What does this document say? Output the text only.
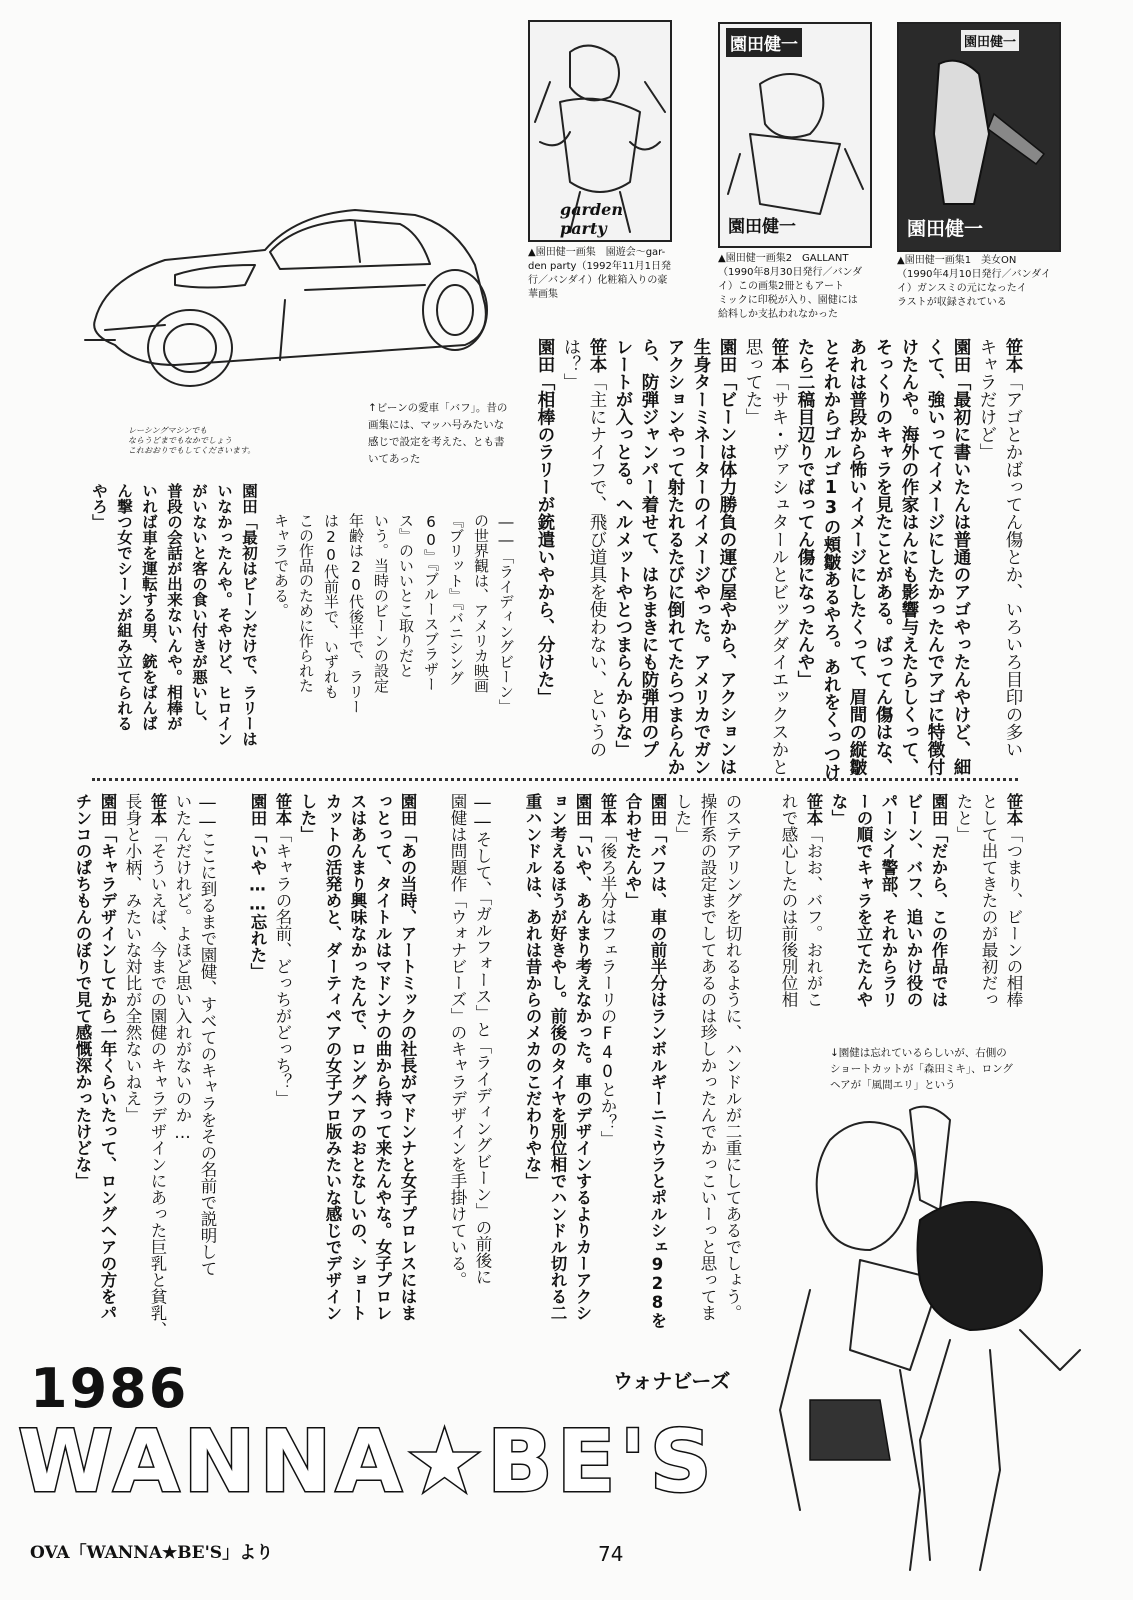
garden party
園田健一
園田健一
園田健一
園田健一
▲園田健一画集　園遊会〜gar-
den party（1992年11月1日発
行／バンダイ）化粧箱入りの豪
華画集
▲園田健一画集2　GALLANT
（1990年8月30日発行／バンダ
イ）この画集2冊ともアート
ミックに印税が入り、園健には
給料しか支払われなかった
▲園田健一画集1　美女ON
（1990年4月10日発行／バンダイ
イ）ガンスミの元になったイ
ラストが収録されている
レーシングマシンでも
ならうどまでもなかでしょう
これおおりでもしてくださいます。
↑ビーンの愛車「バフ」。昔の
画集には、マッハ号みたいな
感じで設定を考えた、とも書
いてあった
笹本「アゴとかばってん傷とか、いろいろ目印の多い
キャラだけど」
園田「最初に書いたんは普通のアゴやったんやけど、細
くて、強いってイメージにしたかったんでアゴに特徴付
けたんや。海外の作家はんにも影響与えたらしくって、
そっくりのキャラを見たことがある。ばってん傷はな、
あれは普段から怖いイメージにしたくって、眉間の縦皺
とそれからゴルゴ13の頬皺あるやろ。あれをくっつけ
たら二稿目辺りでばってん傷になったんや」
笹本「サキ・ヴァシュタールとビッグダイエックスかと
思ってた」
園田「ビーンは体力勝負の運び屋やから、アクションは
生身ターミネーターのイメージやった。アメリカでガン
アクションやって射たれるたびに倒れてたらつまらんか
ら、防弾ジャンパー着せて、はちまきにも防弾用のプ
レートが入っとる。ヘルメットやとつまらんからな」
笹本「主にナイフで、飛び道具を使わない、というの
は？」
園田「相棒のラリーが銃遣いやから、分けた」
――「ライディングビーン」
の世界観は、アメリカ映画
『ブリット』『バニシング
60』『ブルースブラザー
ス』のいいとこ取りだと
いう。当時のビーンの設定
年齢は20代後半で、ラリー
は20代前半で、いずれも
この作品のために作られた
キャラである。
園田「最初はビーンだけで、ラリーは
いなかったんや。そやけど、ヒロイン
がいないと客の食い付きが悪いし、
普段の会話が出来ないんや。相棒が
いれば車を運転する男、銃をばんば
ん撃つ女でシーンが組み立てられる
やろ」
笹本「つまり、ビーンの相棒
として出てきたのが最初だっ
たと」
園田「だから、この作品では
ビーン、バフ、追いかけ役の
パーシイ警部、それからラリ
ーの順でキャラを立てたんや
な」
笹本「おお、バフ。おれがこ
れで感心したのは前後別位相
のステアリングを切れるように、ハンドルが二重にしてあるでしょう。
操作系の設定までしてあるのは珍しかったんでかっこいーっと思ってま
した」
園田「バフは、車の前半分はランボルギーニミウラとポルシェ928を
合わせたんや」
笹本「後ろ半分はフェラーリのF40とか？」
園田「いや、あんまり考えなかった。車のデザインするよりカーアクシ
ョン考えるほうが好きやし。前後のタイヤを別位相でハンドル切れる二
重ハンドルは、あれは昔からのメカのこだわりやな」

――そして、「ガルフォース」と「ライディングビーン」の前後に
園健は問題作「ウォナビーズ」のキャラデザインを手掛けている。

園田「あの当時、アートミックの社長がマドンナと女子プロレスにはま
っとって、タイトルはマドンナの曲から持って来たんやな。女子プロレ
スはあんまり興味なかったんで、ロングヘアのおとなしいの、ショート
カットの活発めと、ダーティペアの女子プロ版みたいな感じでデザイン
した」
笹本「キャラの名前、どっちがどっち？」
園田「いや……忘れた」

――ここに到るまで園健、すべてのキャラをその名前で説明して
いたんだけれど。よほど思い入れがないのか…
笹本「そういえば、今までの園健のキャラデザインにあった巨乳と貧乳、
長身と小柄、みたいな対比が全然ないねえ」
園田「キャラデザインしてから一年くらいたって、ロングヘアの方をパ
チンコのぱちもんのぼりで見て感慨深かったけどな」	↓園健は忘れているらしいが、右側の
ショートカットが「森田ミキ」、ロング
ヘアが「風間エリ」という
1986	ウォナビーズ
WANNA★BE'S
OVA「WANNA★BE'S」より	74
